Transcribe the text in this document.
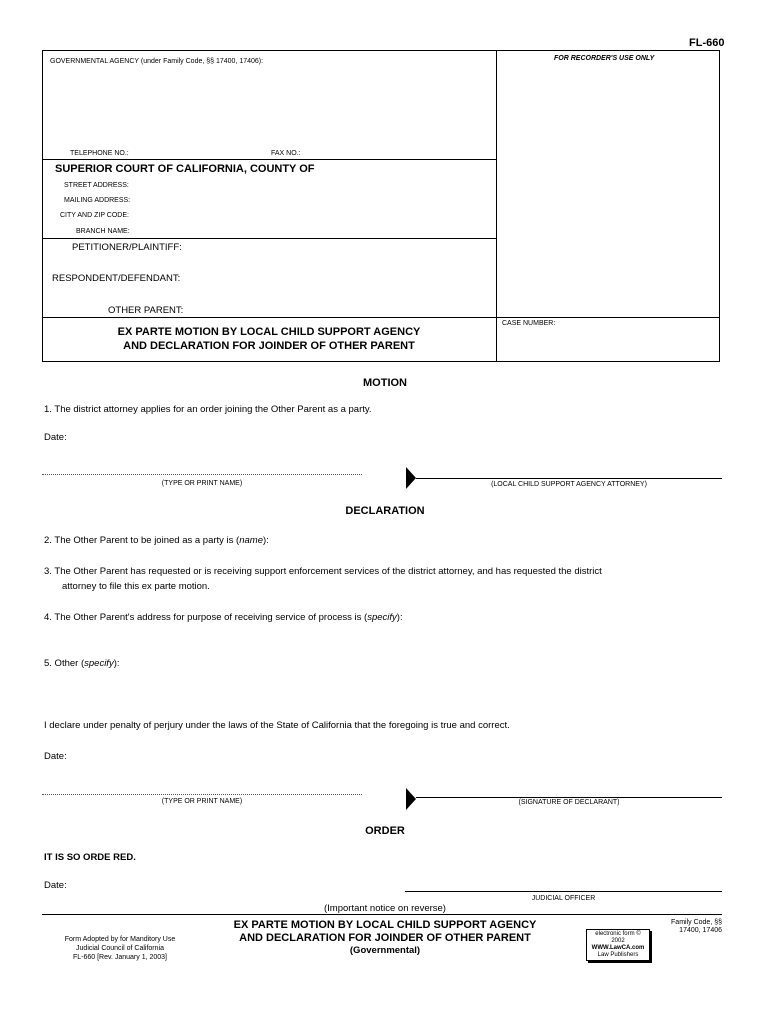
FL-660
GOVERNMENTAL AGENCY (under Family Code, §§ 17400, 17406):	FOR RECORDER'S USE ONLY
TELEPHONE NO.:	FAX NO.:
SUPERIOR COURT OF CALIFORNIA, COUNTY OF
STREET ADDRESS:
MAILING ADDRESS:
CITY AND ZIP CODE:
BRANCH NAME:
PETITIONER/PLAINTIFF:
RESPONDENT/DEFENDANT:
OTHER PARENT:
EX PARTE MOTION BY LOCAL CHILD SUPPORT AGENCY
AND DECLARATION FOR JOINDER OF OTHER PARENT
CASE NUMBER:
MOTION
1. The district attorney applies for an order joining the Other Parent as a party.
Date:
(TYPE OR PRINT NAME)	(LOCAL CHILD SUPPORT AGENCY ATTORNEY)
DECLARATION
2. The Other Parent to be joined as a party is (name):
3. The Other Parent has requested or is receiving support enforcement services of the district attorney, and has requested the district
attorney to file this ex parte motion.
4. The Other Parent's address for purpose of receiving service of process is (specify):
5. Other (specify):
I declare under penalty of perjury under the laws of the State of California that the foregoing is true and correct.
Date:
(TYPE OR PRINT NAME)	(SIGNATURE OF DECLARANT)
ORDER
IT IS SO ORDE RED.
Date:
JUDICIAL OFFICER
(Important notice on reverse)
Form Adopted by for Manditory Use
Judicial Council of California
FL-660 [Rev. January 1, 2003]
EX PARTE MOTION BY LOCAL CHILD SUPPORT AGENCY
AND DECLARATION FOR JOINDER OF OTHER PARENT
(Governmental)
electronic form © 2002
WWW.LawCA.com
Law Publishers
Family Code, §§
17400, 17406
